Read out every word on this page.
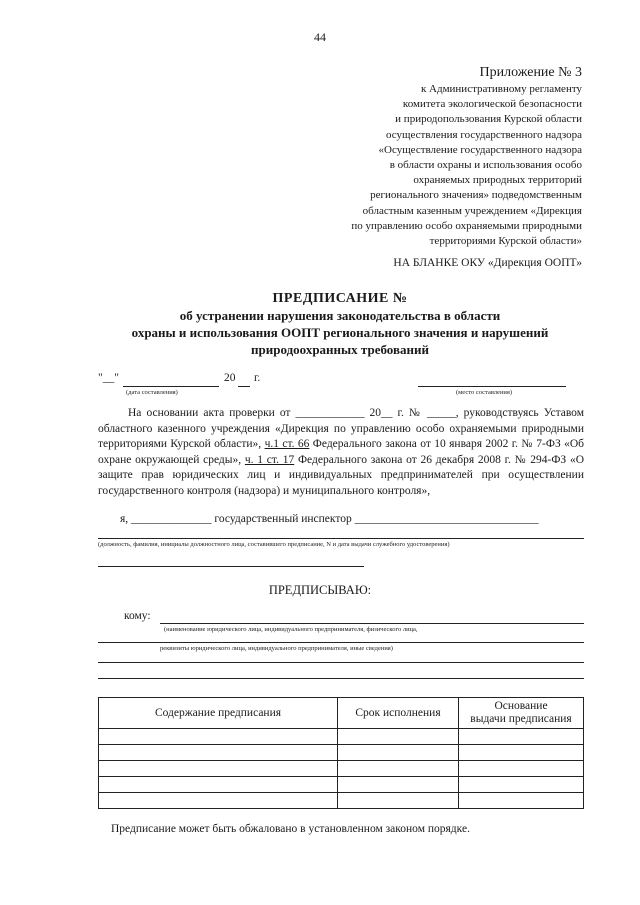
44
Приложение № 3
к Административному регламенту
комитета экологической безопасности
и природопользования Курской области
осуществления государственного надзора
«Осуществление государственного надзора
в области охраны и использования особо
охраняемых природных территорий
регионального значения» подведомственным
областным казенным учреждением «Дирекция
по управлению особо охраняемыми природными
территориями Курской области»
НА БЛАНКЕ ОКУ «Дирекция ООПТ»
ПРЕДПИСАНИЕ №
об устранении нарушения законодательства в области
охраны и использования ООПТ регионального значения и нарушений
природоохранных требований
"__"	20 г.
(дата составления)	(место составления)

На основании акта проверки от ____________ 20__ г. № _____, руководствуясь Уставом областного казенного учреждения «Дирекция по управлению особо охраняемыми природными территориями Курской области», ч.1 ст. 66 Федерального закона от 10 января 2002 г. № 7-ФЗ «Об охране окружающей среды», ч. 1 ст. 17 Федерального закона от 26 декабря 2008 г. № 294-ФЗ «О защите прав юридических лиц и индивидуальных предпринимателей при осуществлении государственного контроля (надзора) и муниципального контроля»,

я, ______________ государственный инспектор ________________________________
(должность, фамилия, инициалы должностного лица, составившего предписание, N и дата выдачи служебного удостоверения)
ПРЕДПИСЫВАЮ:
кому:
(наименование юридического лица, индивидуального предпринимателя, физического лица,
реквизиты юридического лица, индивидуального предпринимателя, иные сведения)
Содержание предписания	Срок исполнения	Основание
выдачи предписания

Предписание может быть обжаловано в установленном законом порядке.
